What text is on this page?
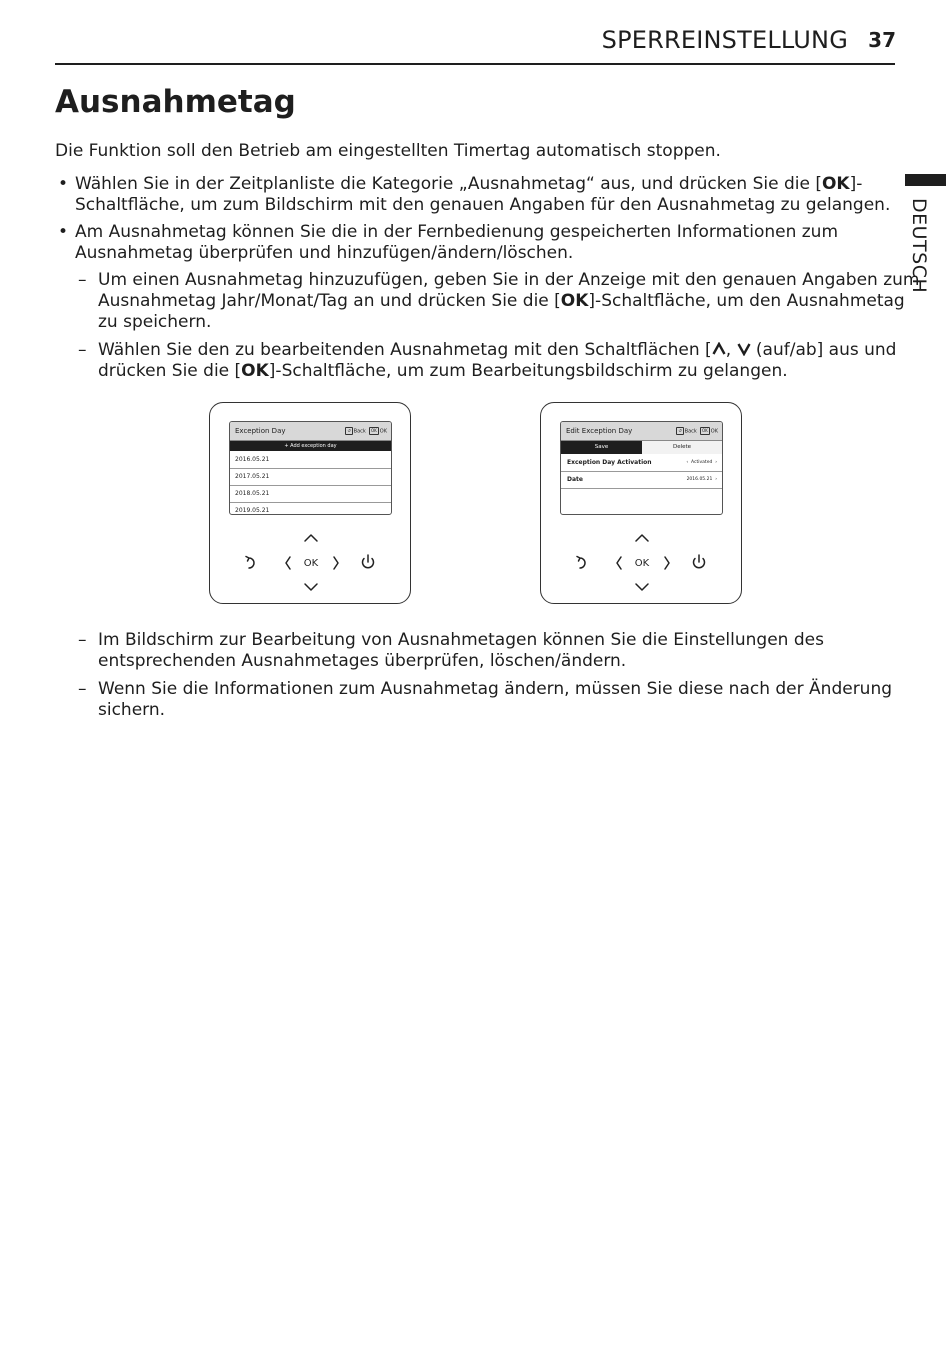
SPERREINSTELLUNG 37
DEUTSCH
Ausnahmetag
Die Funktion soll den Betrieb am eingestellten Timertag automatisch stoppen.
• Wählen Sie in der Zeitplanliste die Kategorie „Ausnahmetag“ aus, und drücken Sie die [OK]-
Schaltfläche, um zum Bildschirm mit den genauen Angaben für den Ausnahmetag zu gelangen.
• Am Ausnahmetag können Sie die in der Fernbedienung gespeicherten Informationen zum
Ausnahmetag überprüfen und hinzufügen/ändern/löschen.
– Um einen Ausnahmetag hinzuzufügen, geben Sie in der Anzeige mit den genauen Angaben zum
Ausnahmetag Jahr/Monat/Tag an und drücken Sie die [OK]-Schaltfläche, um den Ausnahmetag
zu speichern.
– Wählen Sie den zu bearbeitenden Ausnahmetag mit den Schaltflächen [ ,  (auf/ab] aus und
drücken Sie die [OK]-Schaltfläche, um zum Bearbeitungsbildschirm zu gelangen.
Exception Day	↺ Back OK OK
+ Add exception day
2016.05.21
2017.05.21
2018.05.21
2019.05.21
OK
Edit Exception Day	↺ Back OK OK
Save	Delete
Exception Day Activation	‹  Activated  ›
Date	2016.05.21  ›
OK
– Im Bildschirm zur Bearbeitung von Ausnahmetagen können Sie die Einstellungen des
entsprechenden Ausnahmetages überprüfen, löschen/ändern.
– Wenn Sie die Informationen zum Ausnahmetag ändern, müssen Sie diese nach der Änderung
sichern.
